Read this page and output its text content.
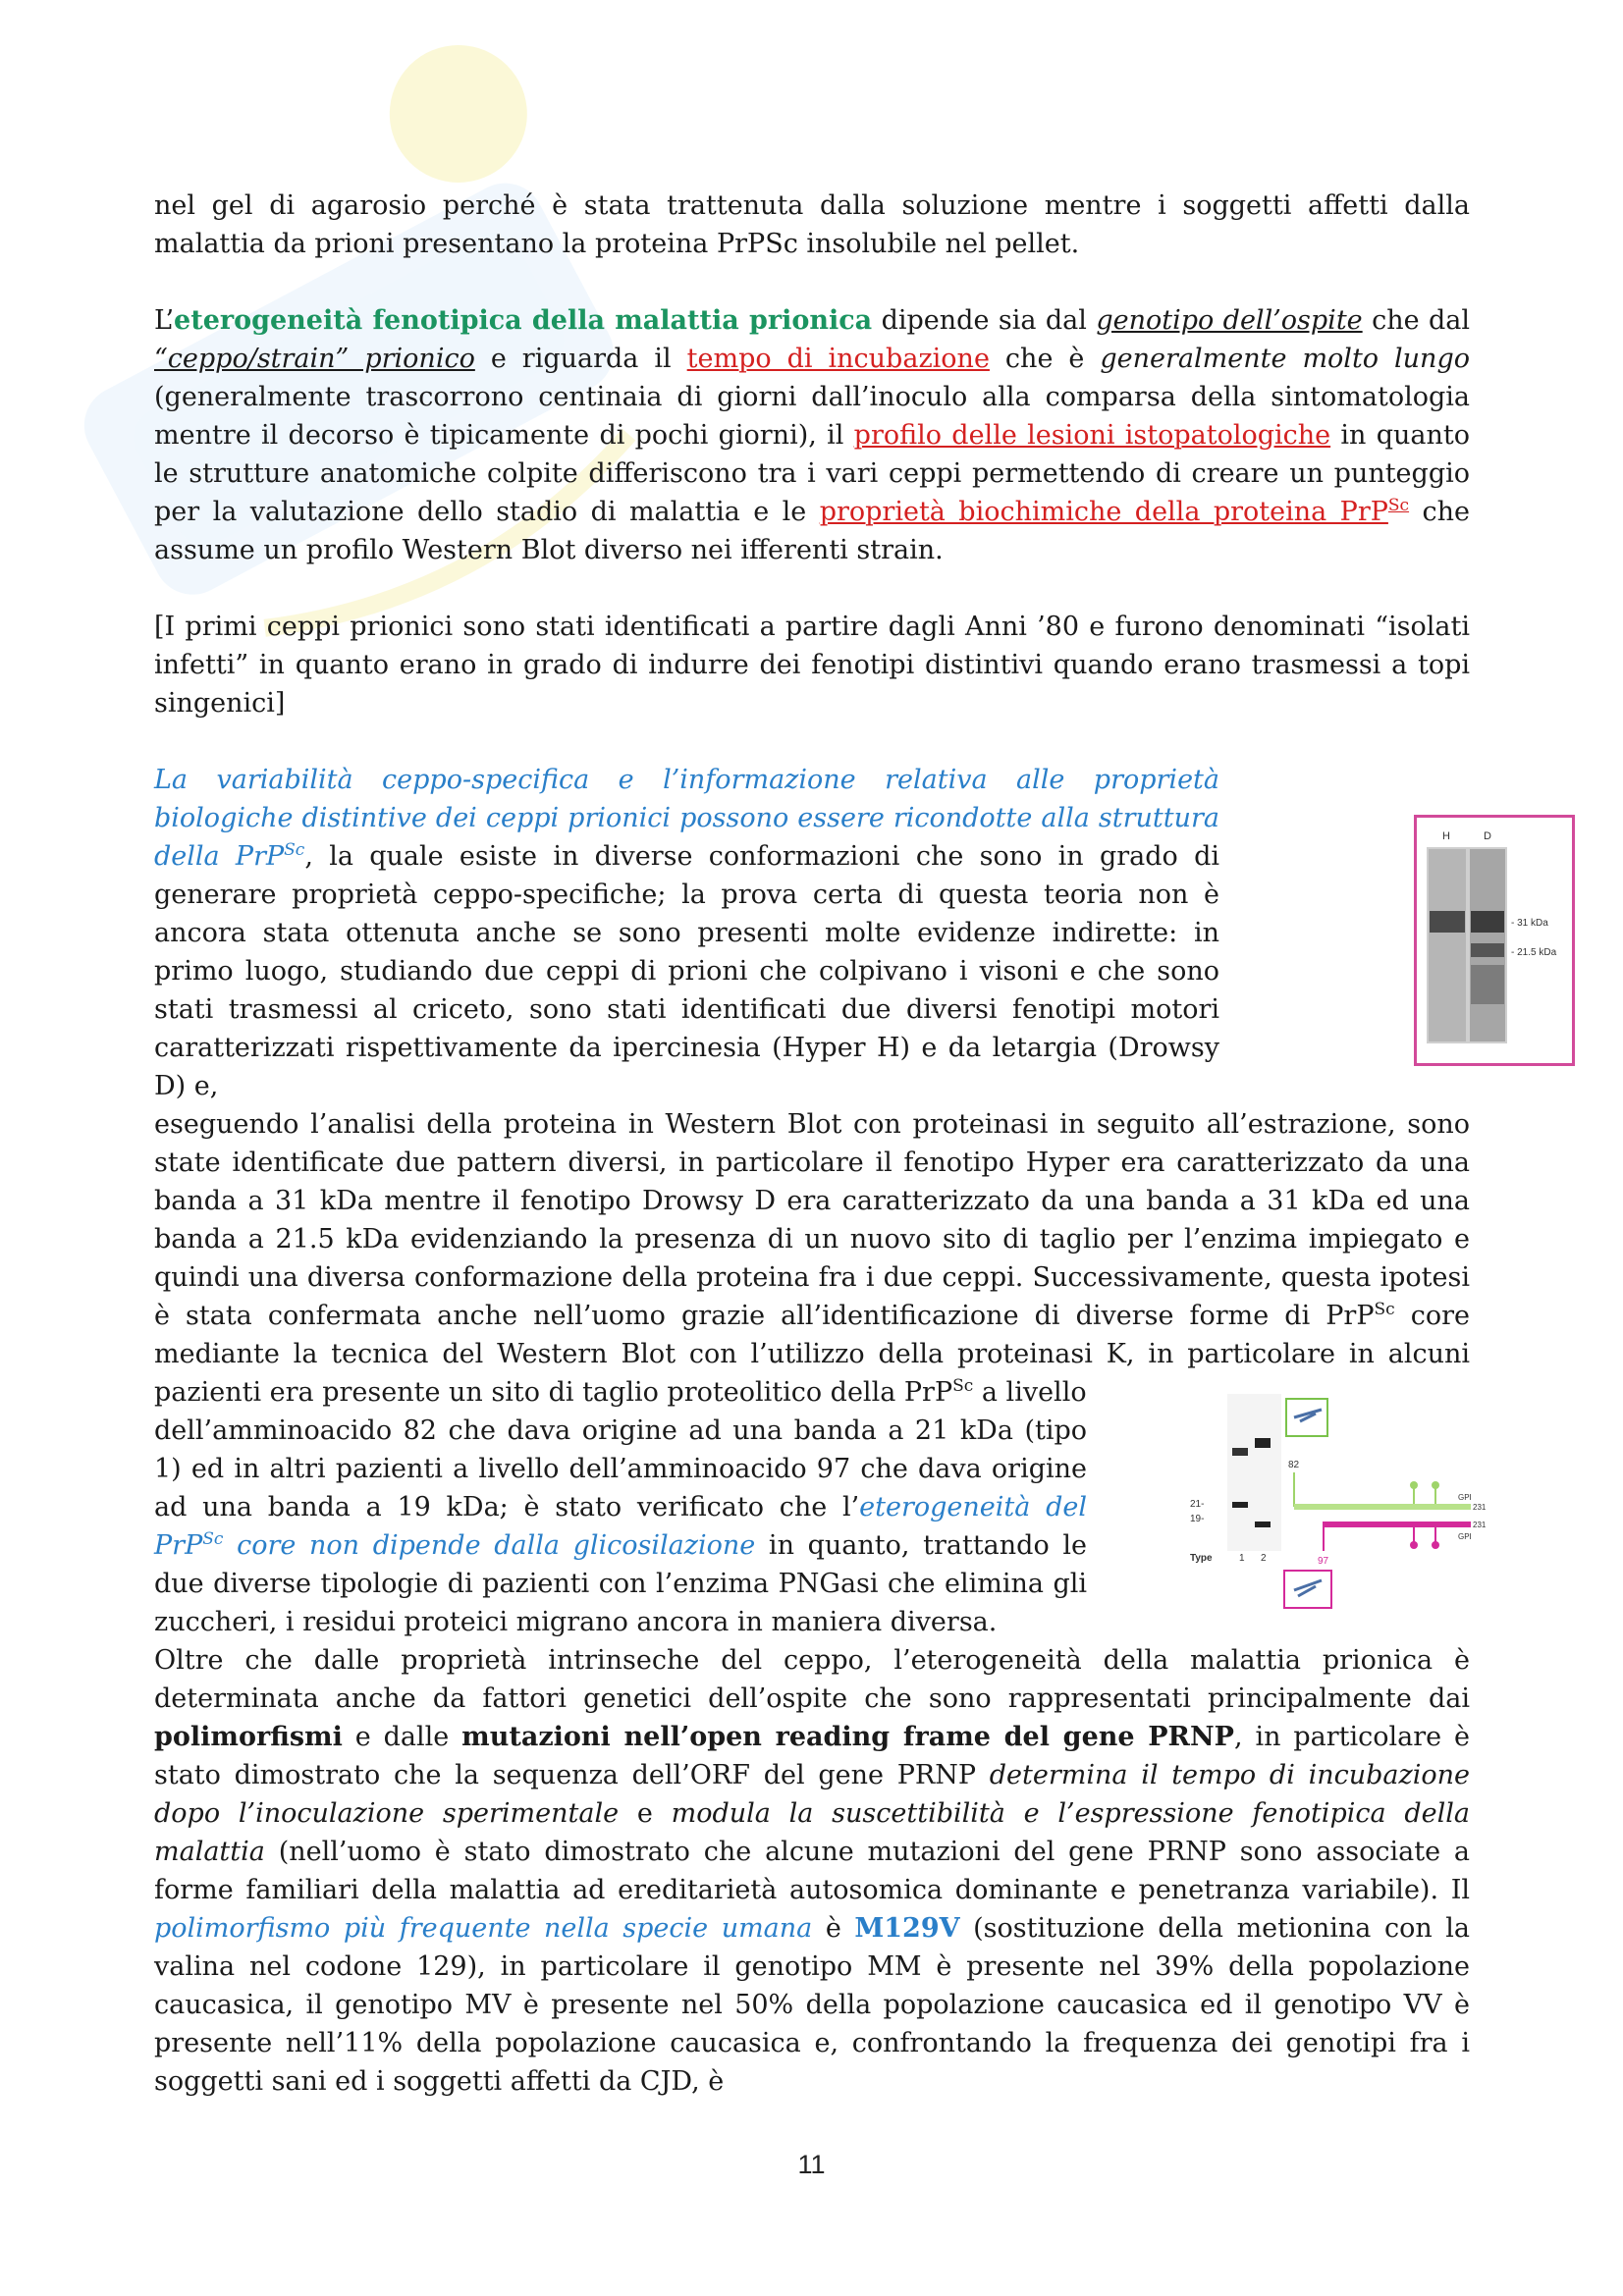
nel gel di agarosio perché è stata trattenuta dalla soluzione mentre i soggetti affetti dalla malattia da prioni presentano la proteina PrPSc insolubile nel pellet.

L’eterogeneità fenotipica della malattia prionica dipende sia dal genotipo dell’ospite che dal “ceppo/strain” prionico e riguarda il tempo di incubazione che è generalmente molto lungo (generalmente trascorrono centinaia di giorni dall’inoculo alla comparsa della sintomatologia mentre il decorso è tipicamente di pochi giorni), il profilo delle lesioni istopatologiche in quanto le strutture anatomiche colpite differiscono tra i vari ceppi permettendo di creare un punteggio per la valutazione dello stadio di malattia e le proprietà biochimiche della proteina PrP$^{Sc}$ che assume un profilo Western Blot diverso nei ifferenti strain.

[I primi ceppi prionici sono stati identificati a partire dagli Anni ’80 e furono denominati “isolati infetti” in quanto erano in grado di indurre dei fenotipi distintivi quando erano trasmessi a topi singenici]

La variabilità ceppo-specifica e l’informazione relativa alle proprietà biologiche distintive dei ceppi prionici possono essere ricondotte alla struttura della PrP$^{Sc}$, la quale esiste in diverse conformazioni che sono in grado di generare proprietà ceppo-specifiche; la prova certa di questa teoria non è ancora stata ottenuta anche se sono presenti molte evidenze indirette: in primo luogo, studiando due ceppi di prioni che colpivano i visoni e che sono stati trasmessi al criceto, sono stati identificati due diversi fenotipi motori caratterizzati rispettivamente da ipercinesia (Hyper H) e da letargia (Drowsy D) e,

eseguendo l’analisi della proteina in Western Blot con proteinasi in seguito all’estrazione, sono state identificate due pattern diversi, in particolare il fenotipo Hyper era caratterizzato da una banda a 31 kDa mentre il fenotipo Drowsy D era caratterizzato da una banda a 31 kDa ed una banda a 21.5 kDa evidenziando la presenza di un nuovo sito di taglio per l’enzima impiegato e quindi una diversa conformazione della proteina fra i due ceppi. Successivamente, questa ipotesi è stata confermata anche nell’uomo grazie all’identificazione di diverse forme di PrP$^{Sc}$ core mediante la tecnica del Western Blot con l’utilizzo della proteinasi K, in particolare in alcuni pazienti era presente un sito di taglio proteolitico della PrP$^{Sc}$ a livello

dell’amminoacido 82 che dava origine ad una banda a 21 kDa (tipo 1) ed in altri pazienti a livello dell’amminoacido 97 che dava origine ad una banda a 19 kDa; è stato verificato che l’eterogeneità del PrP$^{Sc}$ core non dipende dalla glicosilazione in quanto, trattando le due diverse tipologie di pazienti con l’enzima PNGasi che elimina gli zuccheri, i residui proteici migrano ancora in maniera diversa.

Oltre che dalle proprietà intrinseche del ceppo, l’eterogeneità della malattia prionica è determinata anche da fattori genetici dell’ospite che sono rappresentati principalmente dai polimorfismi e dalle mutazioni nell’open reading frame del gene PRNP, in particolare è stato dimostrato che la sequenza dell’ORF del gene PRNP determina il tempo di incubazione dopo l’inoculazione sperimentale e modula la suscettibilità e l’espressione fenotipica della malattia (nell’uomo è stato dimostrato che alcune mutazioni del gene PRNP sono associate a forme familiari della malattia ad ereditarietà autosomica dominante e penetranza variabile). Il polimorfismo più frequente nella specie umana è M129V (sostituzione della metionina con la valina nel codone 129), in particolare il genotipo MM è presente nel 39% della popolazione caucasica, il genotipo MV è presente nel 50% della popolazione caucasica ed il genotipo VV è presente nell’11% della popolazione caucasica e, confrontando la frequenza dei genotipi fra i soggetti sani ed i soggetti affetti da CJD, è

H	D
- 31 kDa
- 21.5 kDa
21-
19-
Type	1 2
82
GPI
231
231
GPI
97
11
